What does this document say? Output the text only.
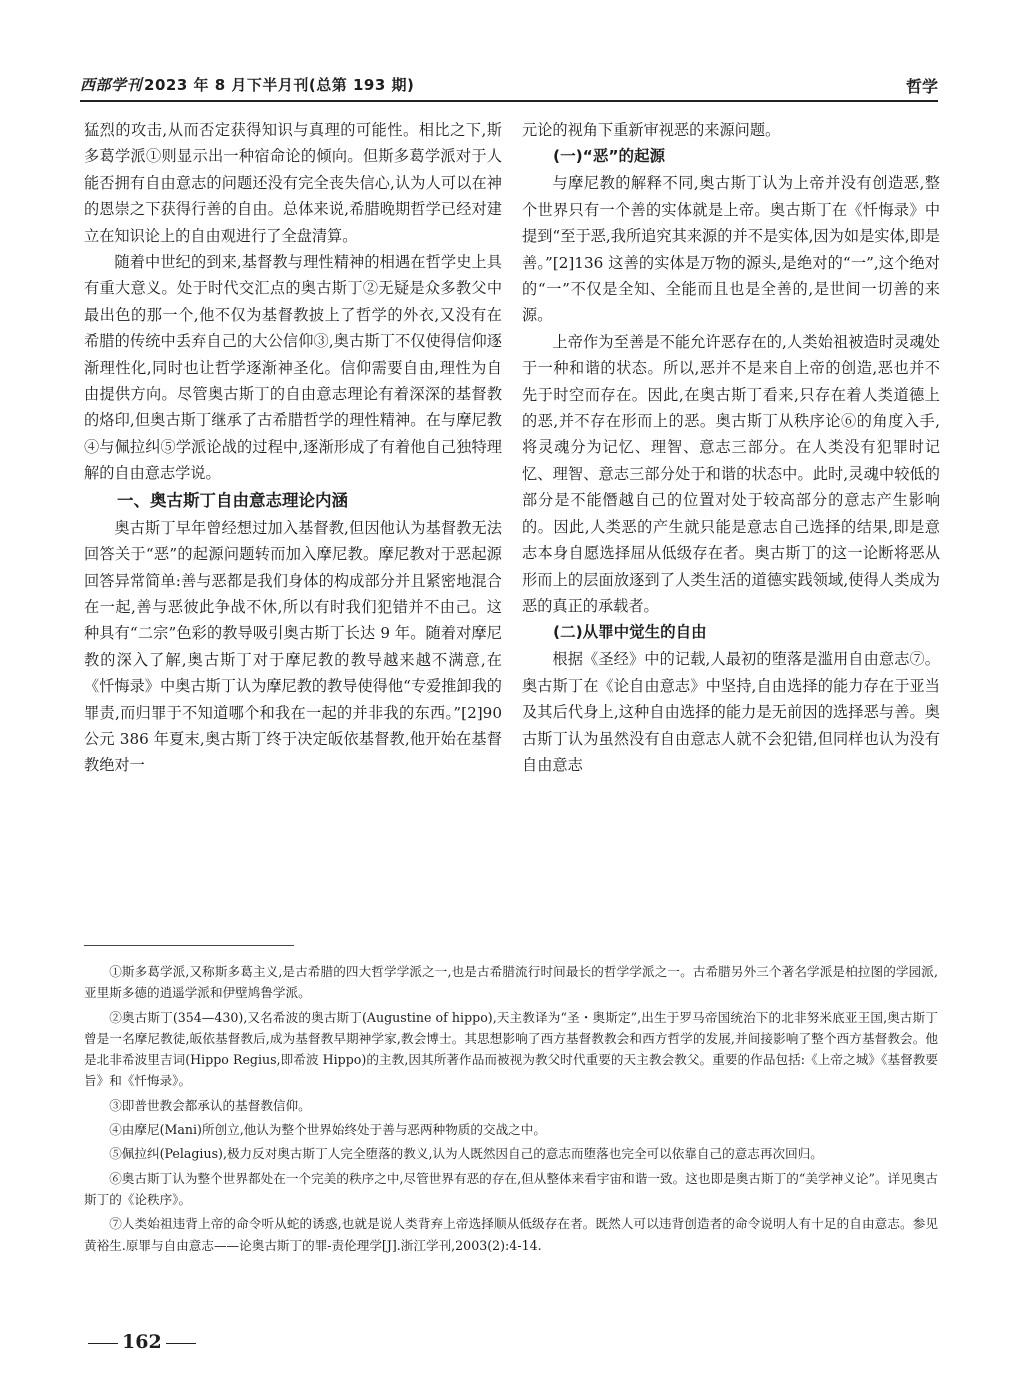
西部学刊 2023 年 8 月下半月刊(总第 193 期)	哲学

猛烈的攻击,从而否定获得知识与真理的可能性。相比之下,斯多葛学派①则显示出一种宿命论的倾向。但斯多葛学派对于人能否拥有自由意志的问题还没有完全丧失信心,认为人可以在神的恩崇之下获得行善的自由。总体来说,希腊晚期哲学已经对建立在知识论上的自由观进行了全盘清算。

随着中世纪的到来,基督教与理性精神的相遇在哲学史上具有重大意义。处于时代交汇点的奥古斯丁②无疑是众多教父中最出色的那一个,他不仅为基督教披上了哲学的外衣,又没有在希腊的传统中丢弃自己的大公信仰③,奥古斯丁不仅使得信仰逐渐理性化,同时也让哲学逐渐神圣化。信仰需要自由,理性为自由提供方向。尽管奥古斯丁的自由意志理论有着深深的基督教的烙印,但奥古斯丁继承了古希腊哲学的理性精神。在与摩尼教④与佩拉纠⑤学派论战的过程中,逐渐形成了有着他自己独特理解的自由意志学说。

一、奥古斯丁自由意志理论内涵

奥古斯丁早年曾经想过加入基督教,但因他认为基督教无法回答关于“恶”的起源问题转而加入摩尼教。摩尼教对于恶起源回答异常简单:善与恶都是我们身体的构成部分并且紧密地混合在一起,善与恶彼此争战不休,所以有时我们犯错并不由己。这种具有“二宗”色彩的教导吸引奥古斯丁长达 9 年。随着对摩尼教的深入了解,奥古斯丁对于摩尼教的教导越来越不满意,在《忏悔录》中奥古斯丁认为摩尼教的教导使得他“专爱推卸我的罪责,而归罪于不知道哪个和我在一起的并非我的东西。”[2]90 公元 386 年夏末,奥古斯丁终于决定皈依基督教,他开始在基督教绝对一

元论的视角下重新审视恶的来源问题。

(一)“恶”的起源

与摩尼教的解释不同,奥古斯丁认为上帝并没有创造恶,整个世界只有一个善的实体就是上帝。奥古斯丁在《忏悔录》中提到“至于恶,我所追究其来源的并不是实体,因为如是实体,即是善。”[2]136 这善的实体是万物的源头,是绝对的“一”,这个绝对的“一”不仅是全知、全能而且也是全善的,是世间一切善的来源。

上帝作为至善是不能允许恶存在的,人类始祖被造时灵魂处于一种和谐的状态。所以,恶并不是来自上帝的创造,恶也并不先于时空而存在。因此,在奥古斯丁看来,只存在着人类道德上的恶,并不存在形而上的恶。奥古斯丁从秩序论⑥的角度入手,将灵魂分为记忆、理智、意志三部分。在人类没有犯罪时记忆、理智、意志三部分处于和谐的状态中。此时,灵魂中较低的部分是不能僭越自己的位置对处于较高部分的意志产生影响的。因此,人类恶的产生就只能是意志自己选择的结果,即是意志本身自愿选择屈从低级存在者。奥古斯丁的这一论断将恶从形而上的层面放逐到了人类生活的道德实践领域,使得人类成为恶的真正的承载者。

(二)从罪中觉生的自由

根据《圣经》中的记载,人最初的堕落是滥用自由意志⑦。奥古斯丁在《论自由意志》中坚持,自由选择的能力存在于亚当及其后代身上,这种自由选择的能力是无前因的选择恶与善。奥古斯丁认为虽然没有自由意志人就不会犯错,但同样也认为没有自由意志

①斯多葛学派,又称斯多葛主义,是古希腊的四大哲学学派之一,也是古希腊流行时间最长的哲学学派之一。古希腊另外三个著名学派是柏拉图的学园派,亚里斯多德的逍遥学派和伊壁鸠鲁学派。

②奥古斯丁(354—430),又名希波的奥古斯丁(Augustine of hippo),天主教译为“圣・奥斯定”,出生于罗马帝国统治下的北非努米底亚王国,奥古斯丁曾是一名摩尼教徒,皈依基督教后,成为基督教早期神学家,教会博士。其思想影响了西方基督教教会和西方哲学的发展,并间接影响了整个西方基督教会。他是北非希波里吉词(Hippo Regius,即希波 Hippo)的主教,因其所著作品而被视为教父时代重要的天主教会教父。重要的作品包括:《上帝之城》《基督教要旨》和《忏悔录》。

③即普世教会都承认的基督教信仰。

④由摩尼(Mani)所创立,他认为整个世界始终处于善与恶两种物质的交战之中。

⑤佩拉纠(Pelagius),极力反对奥古斯丁人完全堕落的教义,认为人既然因自己的意志而堕落也完全可以依靠自己的意志再次回归。

⑥奥古斯丁认为整个世界都处在一个完美的秩序之中,尽管世界有恶的存在,但从整体来看宇宙和谐一致。这也即是奥古斯丁的“美学神义论”。详见奥古斯丁的《论秩序》。

⑦人类始祖违背上帝的命令听从蛇的诱惑,也就是说人类背弃上帝选择顺从低级存在者。既然人可以违背创造者的命令说明人有十足的自由意志。参见黄裕生.原罪与自由意志——论奥古斯丁的罪-责伦理学[J].浙江学刊,2003(2):4-14.

162
